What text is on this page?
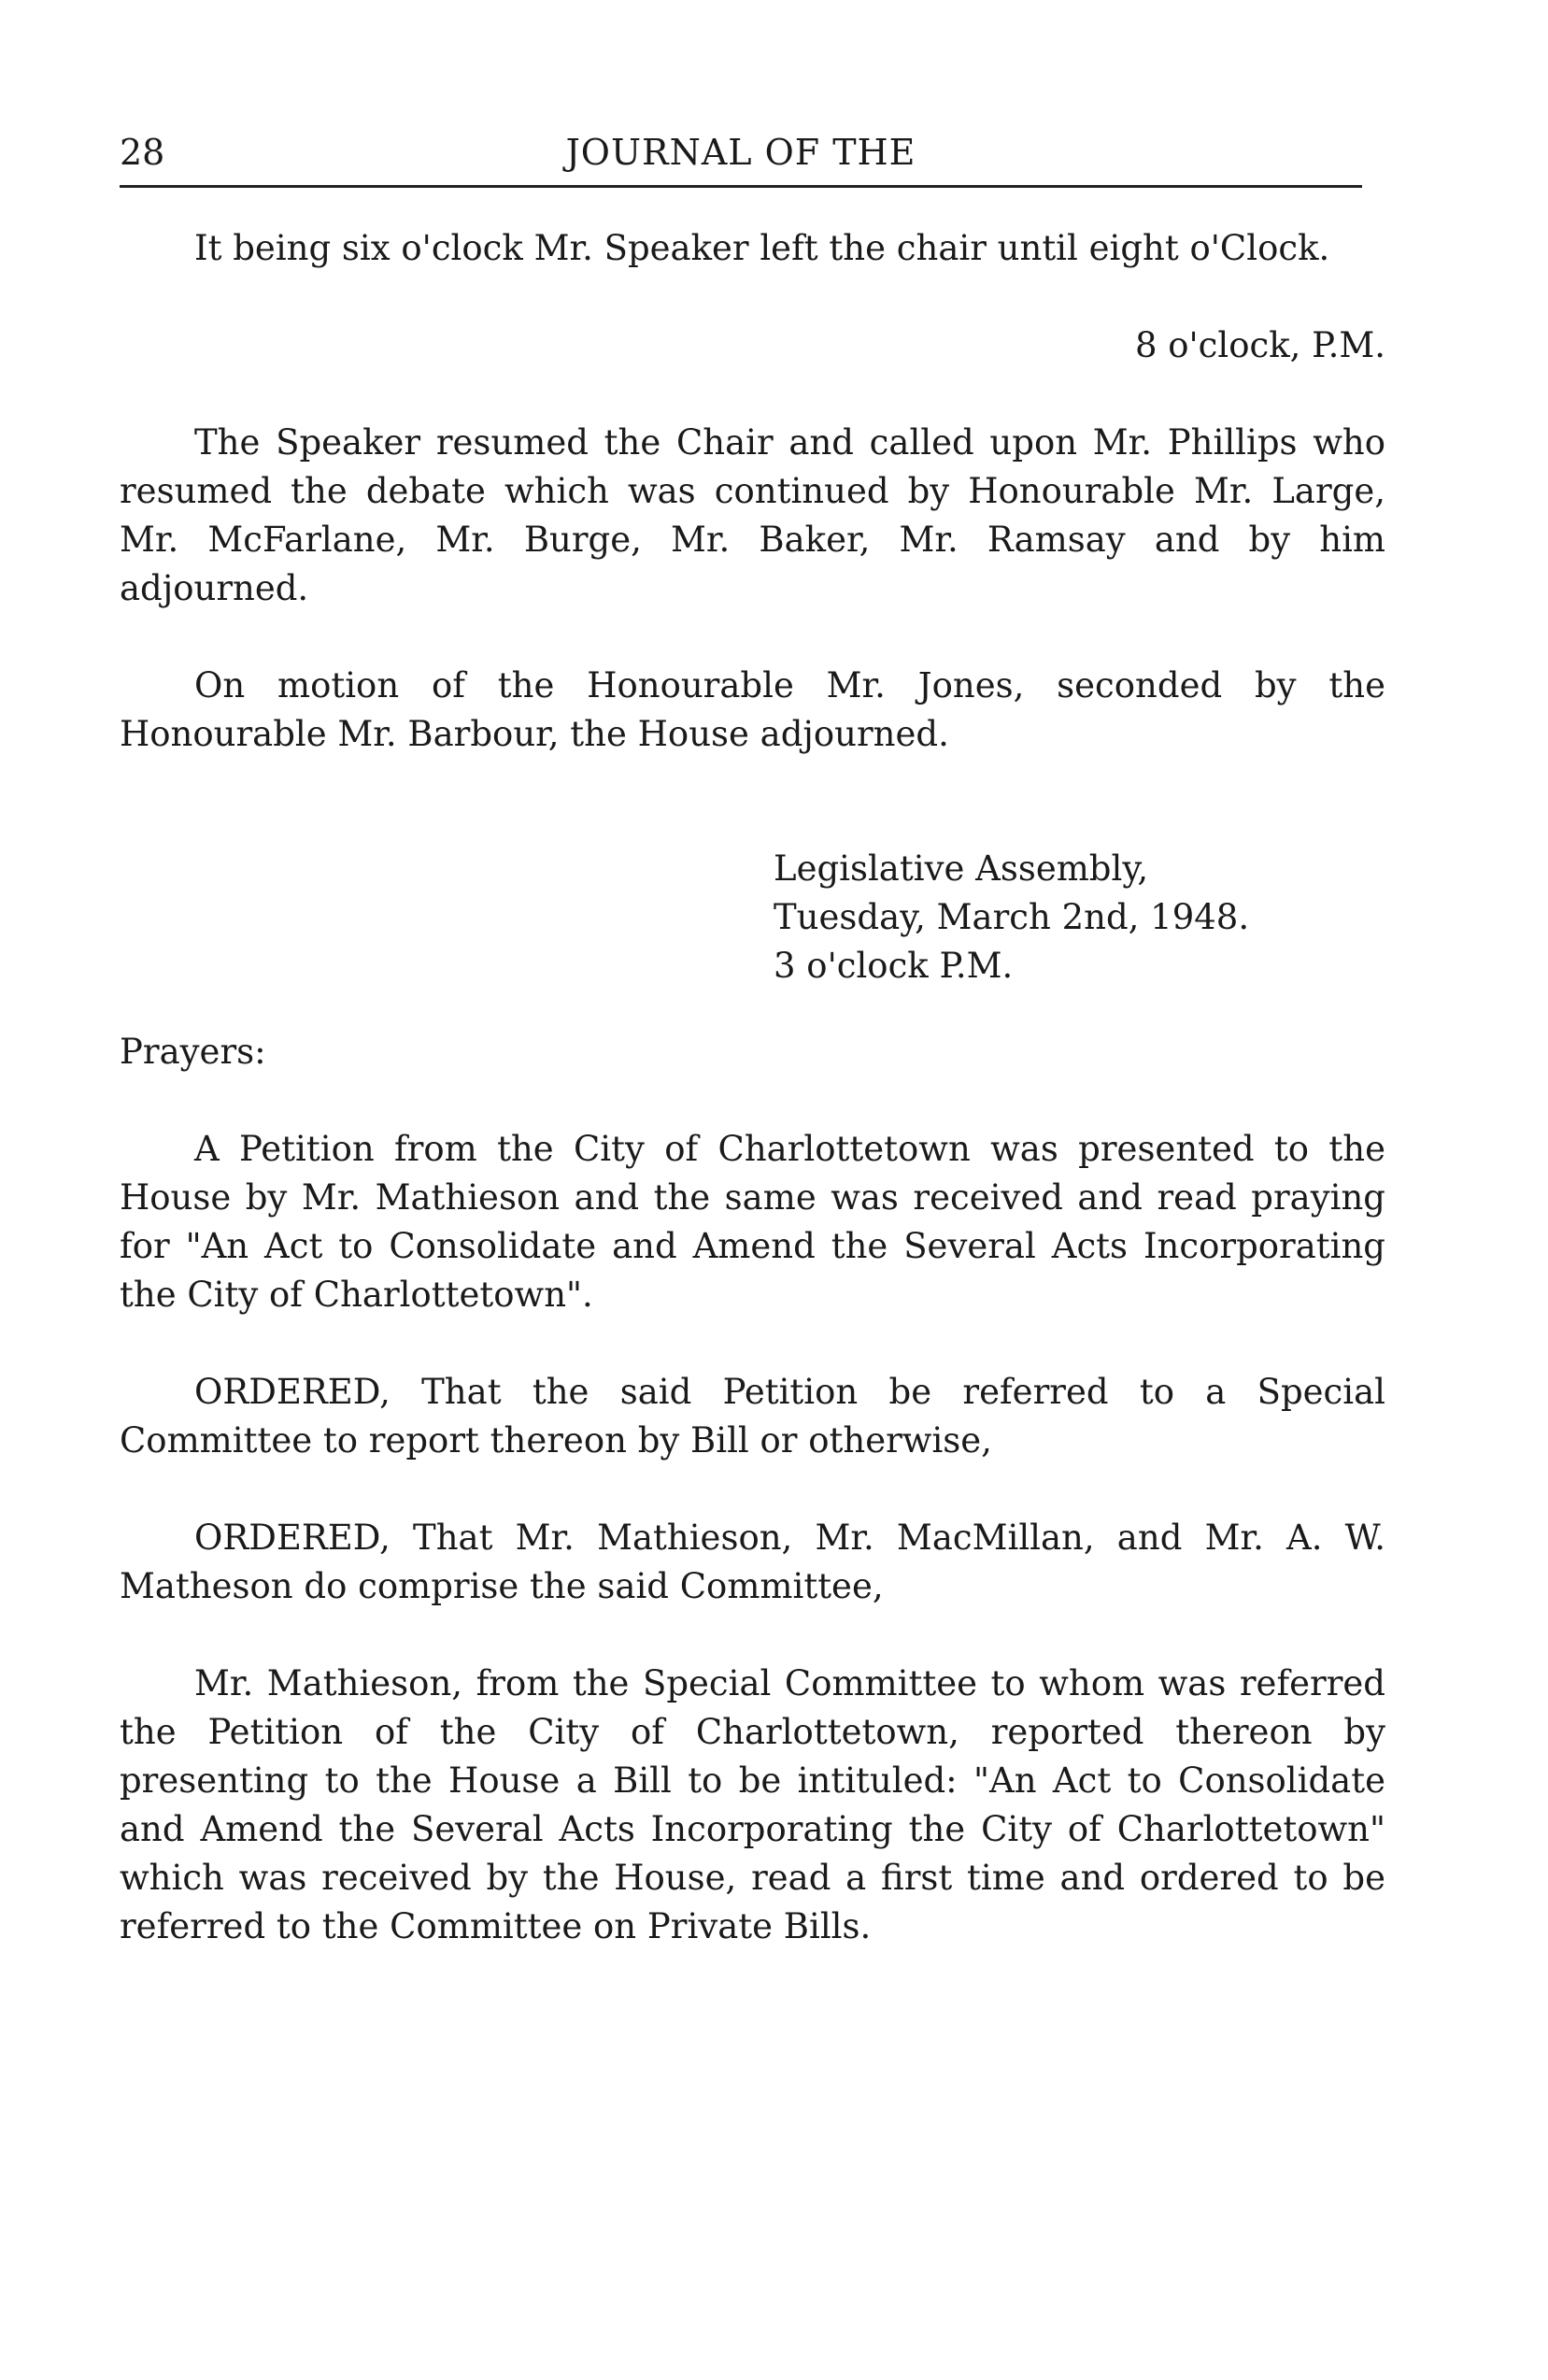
28	JOURNAL OF THE

It being six o'clock Mr. Speaker left the chair until eight o'Clock.

8 o'clock, P.M.

The Speaker resumed the Chair and called upon Mr. Phillips who resumed the debate which was continued by Honourable Mr. Large, Mr. McFarlane, Mr. Burge, Mr. Baker, Mr. Ramsay and by him adjourned.

On motion of the Honourable Mr. Jones, seconded by the Honourable Mr. Barbour, the House adjourned.

Legislative Assembly,
Tuesday, March 2nd, 1948.
3 o'clock P.M.

Prayers:

A Petition from the City of Charlottetown was presented to the House by Mr. Mathieson and the same was received and read praying for "An Act to Consolidate and Amend the Several Acts Incorporating the City of Charlottetown".

ORDERED, That the said Petition be referred to a Special Committee to report thereon by Bill or otherwise,

ORDERED, That Mr. Mathieson, Mr. MacMillan, and Mr. A. W. Matheson do comprise the said Committee,

Mr. Mathieson, from the Special Committee to whom was referred the Petition of the City of Charlottetown, reported thereon by presenting to the House a Bill to be intituled: "An Act to Consolidate and Amend the Several Acts Incorporating the City of Charlottetown" which was received by the House, read a first time and ordered to be referred to the Committee on Private Bills.
